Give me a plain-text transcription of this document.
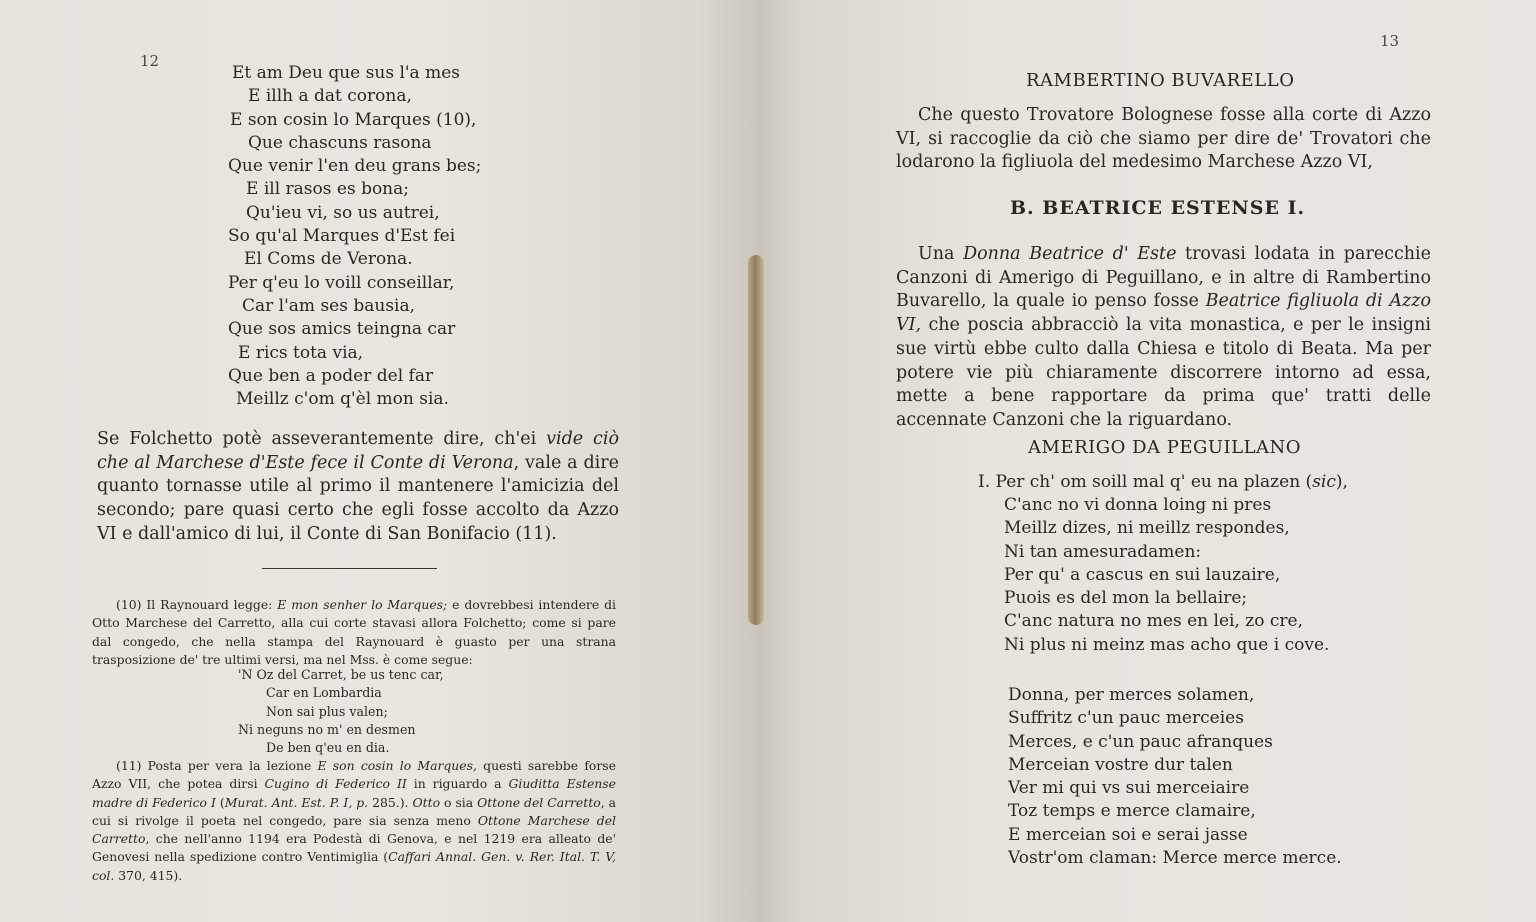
12
Et am Deu que sus l'a mes
E illh a dat corona,
E son cosin lo Marques (10),
Que chascuns rasona
Que venir l'en deu grans bes;
E ill rasos es bona;
Qu'ieu vi, so us autrei,
So qu'al Marques d'Est fei
El Coms de Verona.
Per q'eu lo voill conseillar,
Car l'am ses bausia,
Que sos amics teingna car
E rics tota via,
Que ben a poder del far
Meillz c'om q'èl mon sia.

Se Folchetto potè asseverantemente dire, ch'ei vide ciò che al Marchese d'Este fece il Conte di Verona, vale a dire quanto tornasse utile al primo il mantenere l'amicizia del secondo; pare quasi certo che egli fosse accolto da Azzo VI e dall'amico di lui, il Conte di San Bonifacio (11).

(10) Il Raynouard legge: E mon senher lo Marques; e dovrebbesi intendere di Otto Marchese del Carretto, alla cui corte stavasi allora Folchetto; come si pare dal congedo, che nella stampa del Raynouard è guasto per una strana trasposizione de' tre ultimi versi, ma nel Mss. è come segue:

'N Oz del Carret, be us tenc car,
Car en Lombardia
Non sai plus valen;
Ni neguns no m' en desmen
De ben q'eu en dia.

(11) Posta per vera la lezione E son cosin lo Marques, questi sarebbe forse Azzo VII, che potea dirsi Cugino di Federico II in riguardo a Giuditta Estense madre di Federico I (Murat. Ant. Est. P. I, p. 285.). Otto o sia Ottone del Carretto, a cui si rivolge il poeta nel congedo, pare sia senza meno Ottone Marchese del Carretto, che nell'anno 1194 era Podestà di Genova, e nel 1219 era alleato de' Genovesi nella spedizione contro Ventimiglia (Caffari Annal. Gen. v. Rer. Ital. T. V, col. 370, 415).

13
RAMBERTINO BUVARELLO

Che questo Trovatore Bolognese fosse alla corte di Azzo VI, si raccoglie da ciò che siamo per dire de' Trovatori che lodarono la figliuola del medesimo Marchese Azzo VI,

B. BEATRICE ESTENSE I.

Una Donna Beatrice d' Este trovasi lodata in parecchie Canzoni di Amerigo di Peguillano, e in altre di Rambertino Buvarello, la quale io penso fosse Beatrice figliuola di Azzo VI, che poscia abbracciò la vita monastica, e per le insigni sue virtù ebbe culto dalla Chiesa e titolo di Beata. Ma per potere vie più chiaramente discorrere intorno ad essa, mette a bene rapportare da prima que' tratti delle accennate Canzoni che la riguardano.

AMERIGO DA PEGUILLANO
I. Per ch' om soill mal q' eu na plazen (sic),
C'anc no vi donna loing ni pres
Meillz dizes, ni meillz respondes,
Ni tan amesuradamen:
Per qu' a cascus en sui lauzaire,
Puois es del mon la bellaire;
C'anc natura no mes en lei, zo cre,
Ni plus ni meinz mas acho que i cove.
Donna, per merces solamen,
Suffritz c'un pauc merceies
Merces, e c'un pauc afranques
Merceian vostre dur talen
Ver mi qui vs sui merceiaire
Toz temps e merce clamaire,
E merceian soi e serai jasse
Vostr'om claman: Merce merce merce.
